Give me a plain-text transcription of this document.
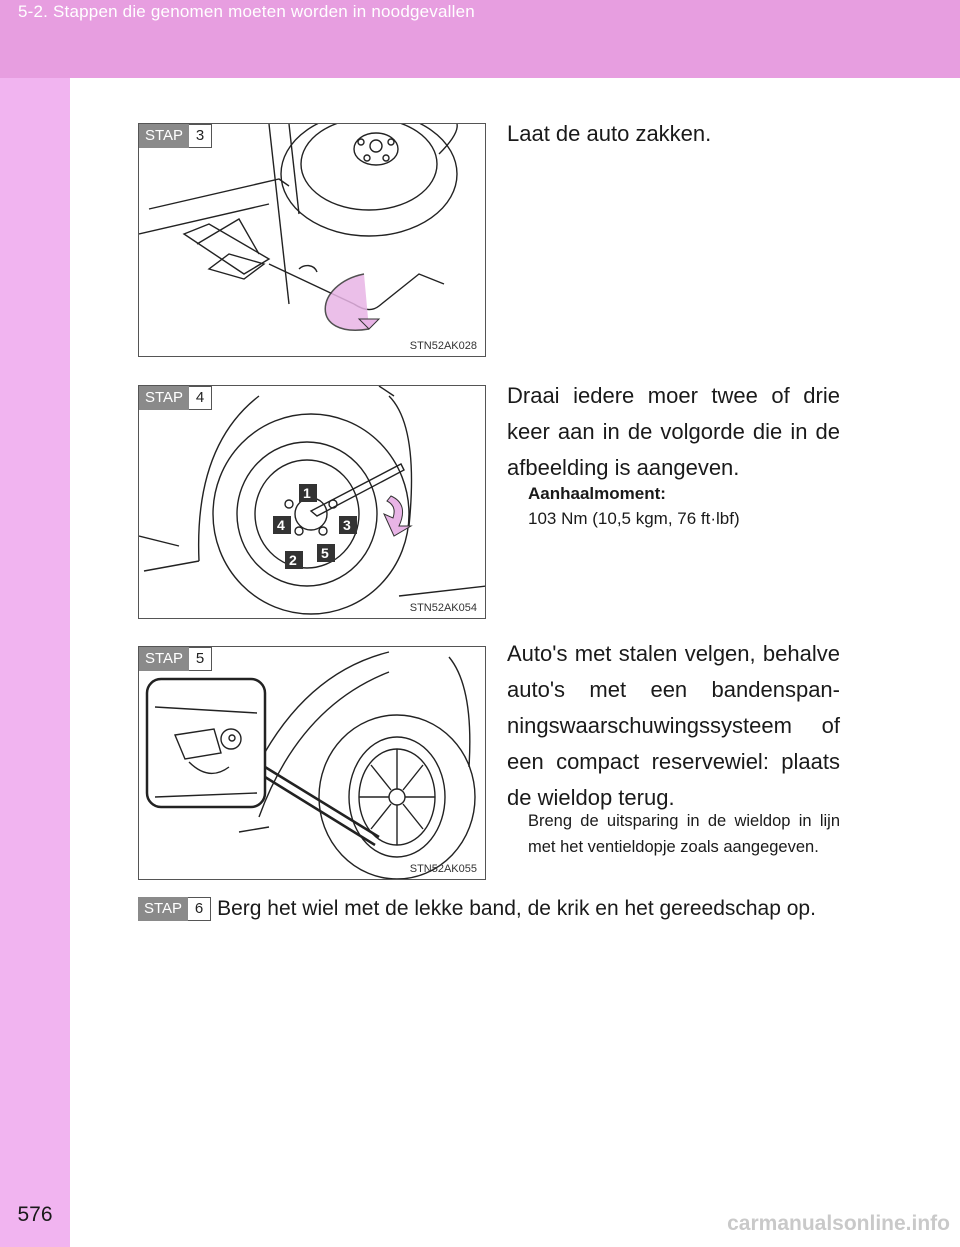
5-2. Stappen die genomen moeten worden in noodgevallen
576
STAP 3
STN52AK028
Laat de auto zakken.
STAP 4
1
2
3
4
5
STN52AK054
Draai iedere moer twee of drie keer aan in de volgorde die in de afbeelding is aangeven.
Aanhaalmoment:
103 Nm (10,5 kgm, 76 ft·lbf)
STAP 5
STN52AK055
Auto's met stalen velgen, behalve auto's met een bandenspan-ningswaarschuwingssysteem of een compact reservewiel: plaats de wieldop terug.
Breng de uitsparing in de wieldop in lijn met het ventieldopje zoals aangegeven.
STAP 6 Berg het wiel met de lekke band, de krik en het gereedschap op.
carmanualsonline.info
